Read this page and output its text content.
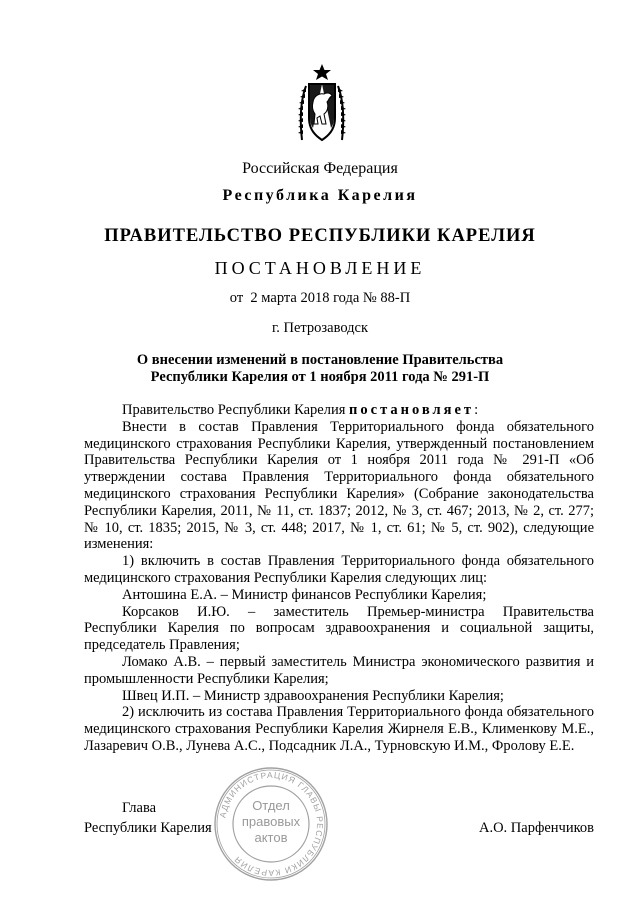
Российская Федерация
Республика Карелия
ПРАВИТЕЛЬСТВО РЕСПУБЛИКИ КАРЕЛИЯ
ПОСТАНОВЛЕНИЕ
от  2 марта 2018 года № 88-П
г. Петрозаводск
О внесении изменений в постановление Правительства
Республики Карелия от 1 ноября 2011 года № 291-П

Правительство Республики Карелия постановляет:

Внести в состав Правления Территориального фонда обязательного медицинского страхования Республики Карелия, утвержденный постановлением Правительства Республики Карелия от 1 ноября 2011 года № 291-П «Об утверждении состава Правления Территориального фонда обязательного медицинского страхования Республики Карелия» (Собрание законодательства Республики Карелия, 2011, № 11, ст. 1837; 2012, № 3, ст. 467; 2013, № 2, ст. 277; № 10, ст. 1835; 2015, № 3, ст. 448; 2017, № 1, ст. 61; № 5, ст. 902), следующие изменения:

1) включить в состав Правления Территориального фонда обязательного медицинского страхования Республики Карелия следующих лиц:

Антошина Е.А. – Министр финансов Республики Карелия;

Корсаков И.Ю. – заместитель Премьер-министра Правительства Республики Карелия по вопросам здравоохранения и социальной защиты, председатель Правления;

Ломако А.В. – первый заместитель Министра экономического развития и промышленности Республики Карелия;

Швец И.П. – Министр здравоохранения Республики Карелия;

2) исключить из состава Правления Территориального фонда обязательного медицинского страхования Республики Карелия Жирнеля Е.В., Клименкову М.Е., Лазаревич О.В., Лунева А.С., Подсадник Л.А., Турновскую И.М., Фролову Е.Е.

Глава
Республики Карелия	А.О. Парфенчиков
АДМИНИСТРАЦИЯ ГЛАВЫ РЕСПУБЛИКИ КАРЕЛИЯ
Отдел
правовых
актов
